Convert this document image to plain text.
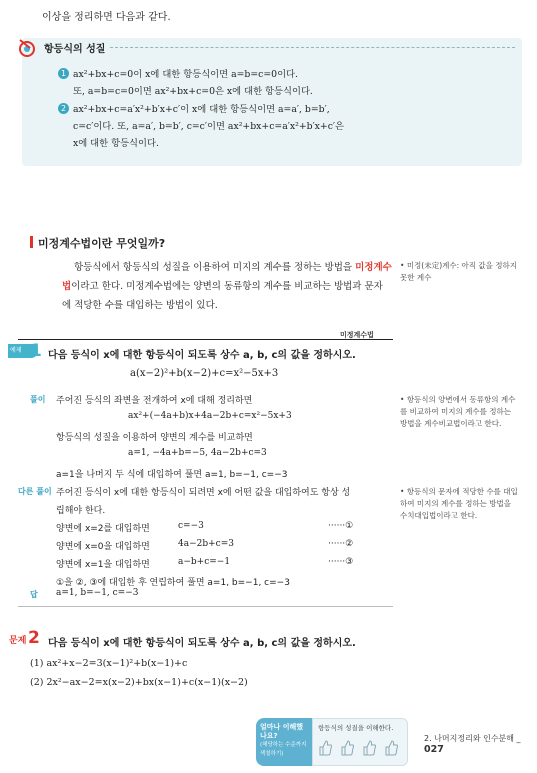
이상을 정리하면 다음과 같다.
항등식의 성질
1 ax²+bx+c=0이 x에 대한 항등식이면 a=b=c=0이다.
또, a=b=c=0이면 ax²+bx+c=0은 x에 대한 항등식이다.
2 ax²+bx+c=a′x²+b′x+c′이 x에 대한 항등식이면 a=a′, b=b′,
c=c′이다. 또, a=a′, b=b′, c=c′이면 ax²+bx+c=a′x²+b′x+c′은
x에 대한 항등식이다.
미정계수법이란 무엇일까?
항등식에서 항등식의 성질을 이용하여 미지의 계수를 정하는 방법을 미정계수법이라고 한다. 미정계수법에는 양변의 동류항의 계수를 비교하는 방법과 문자에 적당한 수를 대입하는 방법이 있다.
• 미정(未定)계수: 아직 값을 정하지 못한 계수
미정계수법
예제 1 다음 등식이 x에 대한 항등식이 되도록 상수 a, b, c의 값을 정하시오.
a(x−2)²+b(x−2)+c=x²−5x+3
풀이 주어진 등식의 좌변을 전개하여 x에 대해 정리하면
ax²+(−4a+b)x+4a−2b+c=x²−5x+3
항등식의 성질을 이용하여 양변의 계수를 비교하면
a=1, −4a+b=−5, 4a−2b+c=3
a=1을 나머지 두 식에 대입하여 풀면 a=1, b=−1, c=−3
다른 풀이 주어진 등식이 x에 대한 항등식이 되려면 x에 어떤 값을 대입하여도 항상 성
립해야 한다.
양변에 x=2를 대입하면	c=−3	······①
양변에 x=0을 대입하면	4a−2b+c=3	······②
양변에 x=1을 대입하면	a−b+c=−1	······③
①을 ②, ③에 대입한 후 연립하여 풀면 a=1, b=−1, c=−3
답 a=1, b=−1, c=−3
• 항등식의 양변에서 동류항의 계수를 비교하여 미지의 계수를 정하는 방법을 계수비교법이라고 한다.
• 항등식의 문자에 적당한 수를 대입하여 미지의 계수를 정하는 방법을 수치대입법이라고 한다.
문제 2 다음 등식이 x에 대한 항등식이 되도록 상수 a, b, c의 값을 정하시오.
(1) ax²+x−2=3(x−1)²+b(x−1)+c
(2) 2x²−ax−2=x(x−2)+bx(x−1)+c(x−1)(x−2)
얼마나 이해했나요?
(해당하는 수준까지 색칠하기)
항등식의 성질을 이해한다.
2. 나머지정리와 인수분해 _ 027
